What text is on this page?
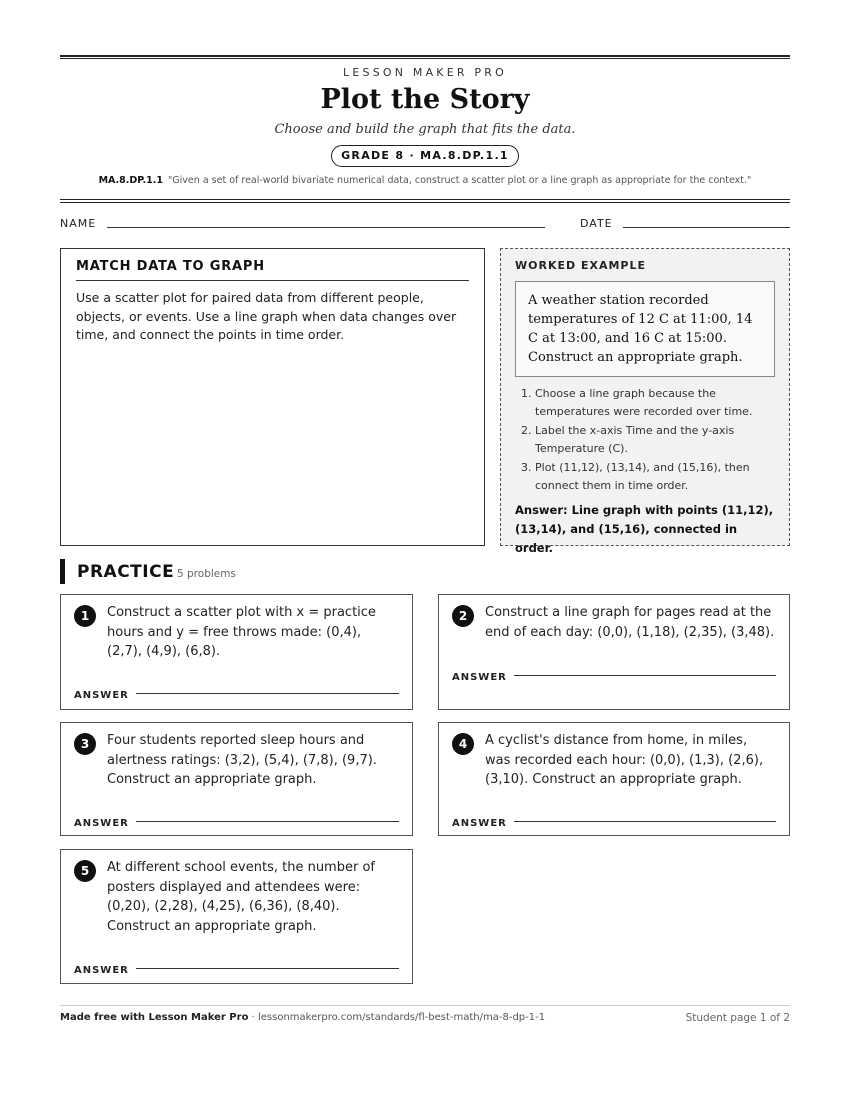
LESSON MAKER PRO
Plot the Story
Choose and build the graph that fits the data.
GRADE 8 · MA.8.DP.1.1
MA.8.DP.1.1 "Given a set of real-world bivariate numerical data, construct a scatter plot or a line graph as appropriate for the context."
NAME	DATE
MATCH DATA TO GRAPH
Use a scatter plot for paired data from different people, objects, or events. Use a line graph when data changes over time, and connect the points in time order.
WORKED EXAMPLE
A weather station recorded temperatures of 12 C at 11:00, 14 C at 13:00, and 16 C at 15:00. Construct an appropriate graph.
1. Choose a line graph because the temperatures were recorded over time.
2. Label the x-axis Time and the y-axis Temperature (C).
3. Plot (11,12), (13,14), and (15,16), then connect them in time order.
Answer: Line graph with points (11,12), (13,14), and (15,16), connected in order.
PRACTICE 5 problems
1	Construct a scatter plot with x = practice hours and y = free throws made: (0,4), (2,7), (4,9), (6,8).
ANSWER
2	Construct a line graph for pages read at the end of each day: (0,0), (1,18), (2,35), (3,48).
ANSWER
3	Four students reported sleep hours and alertness ratings: (3,2), (5,4), (7,8), (9,7). Construct an appropriate graph.
ANSWER
4	A cyclist's distance from home, in miles, was recorded each hour: (0,0), (1,3), (2,6), (3,10). Construct an appropriate graph.
ANSWER
5	At different school events, the number of posters displayed and attendees were: (0,20), (2,28), (4,25), (6,36), (8,40). Construct an appropriate graph.
ANSWER
Made free with Lesson Maker Pro · lessonmakerpro.com/standards/fl-best-math/ma-8-dp-1-1	Student page 1 of 2
